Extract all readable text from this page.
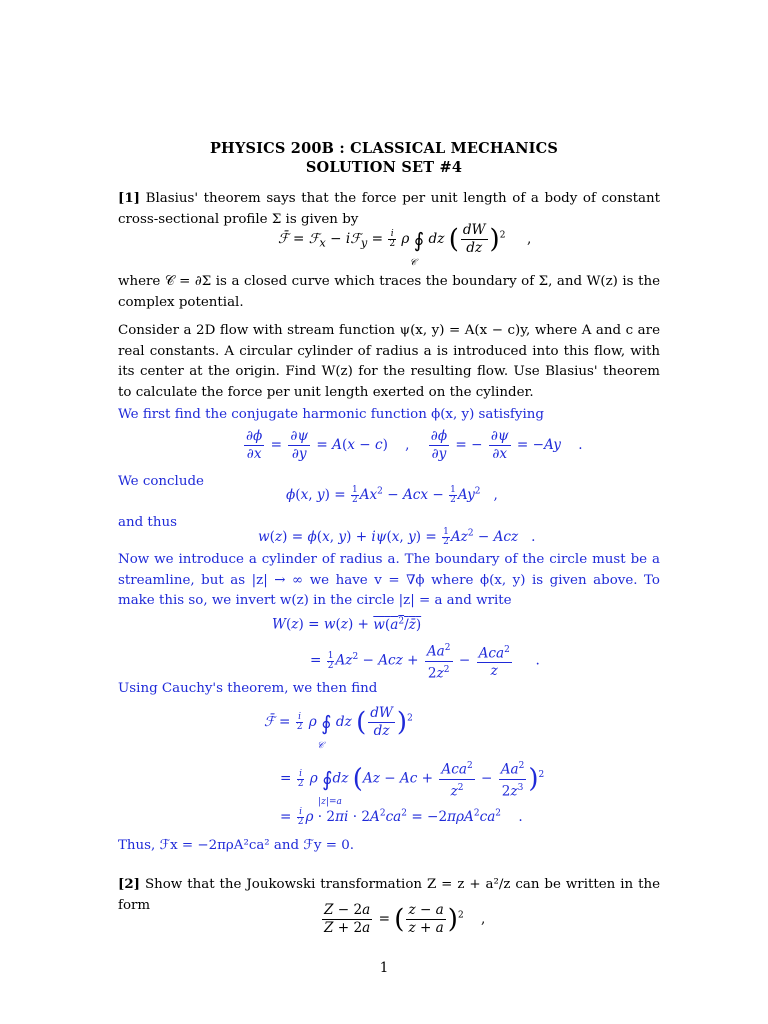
PHYSICS 200B : CLASSICAL MECHANICS
SOLUTION SET #4
[1] Blasius' theorem says that the force per unit length of a body of constant cross-sectional profile Σ is given by
ℱ̄ = ℱ$_x$ − iℱ$_y$ = $\frac{i}{2}$ ρ ∮
𝒞
dz ( $\frac{dW}{dz} )^2$     ,
where 𝒞 = ∂Σ is a closed curve which traces the boundary of Σ, and W(z) is the complex potential.
Consider a 2D flow with stream function ψ(x, y) = A(x − c)y, where A and c are real constants. A circular cylinder of radius a is introduced into this flow, with its center at the origin. Find W(z) for the resulting flow. Use Blasius' theorem to calculate the force per unit length exerted on the cylinder.
We first find the conjugate harmonic function ϕ(x, y) satisfying
$\frac{\partial\phi}{\partial x} = \frac{\partial\psi}{\partial y} = A(x - c)$    , $\frac{\partial\phi}{\partial y}$ = − $\frac{\partial\psi}{\partial x} = -Ay$    .
We conclude
ϕ(x, $y) = \frac{1}{2} Ax^2$ − Acx − $\frac{1}{2} Ay^2$   ,
and thus
w(z) = ϕ(x, y) + iψ(x, $y) = \frac{1}{2} Az^2$ − Acz   .
Now we introduce a cylinder of radius a. The boundary of the circle must be a streamline, but as |z| → ∞ we have v = ∇ϕ where ϕ(x, y) is given above. To make this so, we invert w(z) in the circle |z| = a and write
$W(z) = w(z) + w(a^2/z̄)$
= $\frac{1}{2} Az^2$ − Acz + $\frac{Aa^2}{2z^2} - \frac{Aca^2}{z}$ .
Using Cauchy's theorem, we then find
ℱ̄ = $\frac{i}{2}$ ρ ∮
𝒞
dz ( $\frac{dW}{dz} )^2$
= $\frac{i}{2}$ ρ ∮
|z|=a
dz $(Az - Ac + \frac{Aca^2}{z^2} - \frac{Aa^2}{2z^3} )^2$
= $\frac{i}{2}$ $\rho \cdot 2\pi i \cdot 2A^2ca^2 = -2\pi\rho A^2ca^2$    .
Thus, ℱx = −2πρA²ca² and ℱy = 0.
[2] Show that the Joukowski transformation Z = z + a²/z can be written in the form	$\frac{Z - 2a}{Z + 2a}$ = ( $\frac{z - a}{z + a} )^2$    ,
1
